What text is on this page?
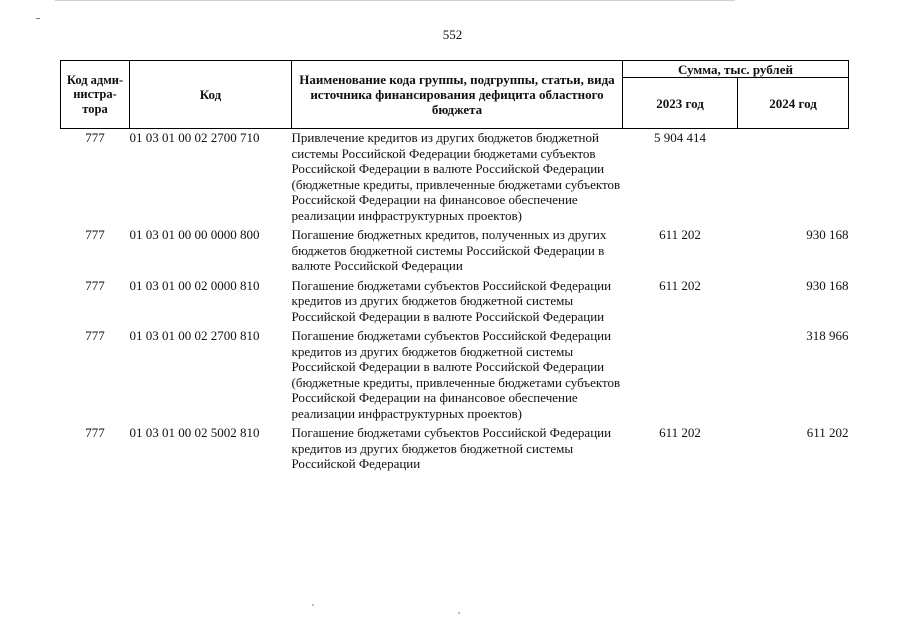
552
Код адми-нистра-тора	Код	Наименование кода группы, подгруппы, статьи, вида источника финансирования дефицита областного бюджета	Сумма, тыс. рублей	
			2023 год	2024 год
777	01 03 01 00 02 2700 710	Привлечение кредитов из других бюджетов бюджетной системы Российской Федерации бюджетами субъектов Российской Федерации в валюте Российской Федерации (бюджетные кредиты, привлеченные бюджетами субъектов Российской Федерации на финансовое обеспечение реализации инфраструктурных проектов)	5 904 414	
777	01 03 01 00 00 0000 800	Погашение бюджетных кредитов, полученных из других бюджетов бюджетной системы Российской Федерации в валюте Российской Федерации	611 202	930 168
777	01 03 01 00 02 0000 810	Погашение бюджетами субъектов Российской Федерации кредитов из других бюджетов бюджетной системы Российской Федерации в валюте Российской Федерации	611 202	930 168
777	01 03 01 00 02 2700 810	Погашение бюджетами субъектов Российской Федерации кредитов из других бюджетов бюджетной системы Российской Федерации в валюте Российской Федерации (бюджетные кредиты, привлеченные бюджетами субъектов Российской Федерации на финансовое обеспечение реализации инфраструктурных проектов)		318 966
777	01 03 01 00 02 5002 810	Погашение бюджетами субъектов Российской Федерации кредитов из других бюджетов бюджетной системы Российской Федерации	611 202	611 202
